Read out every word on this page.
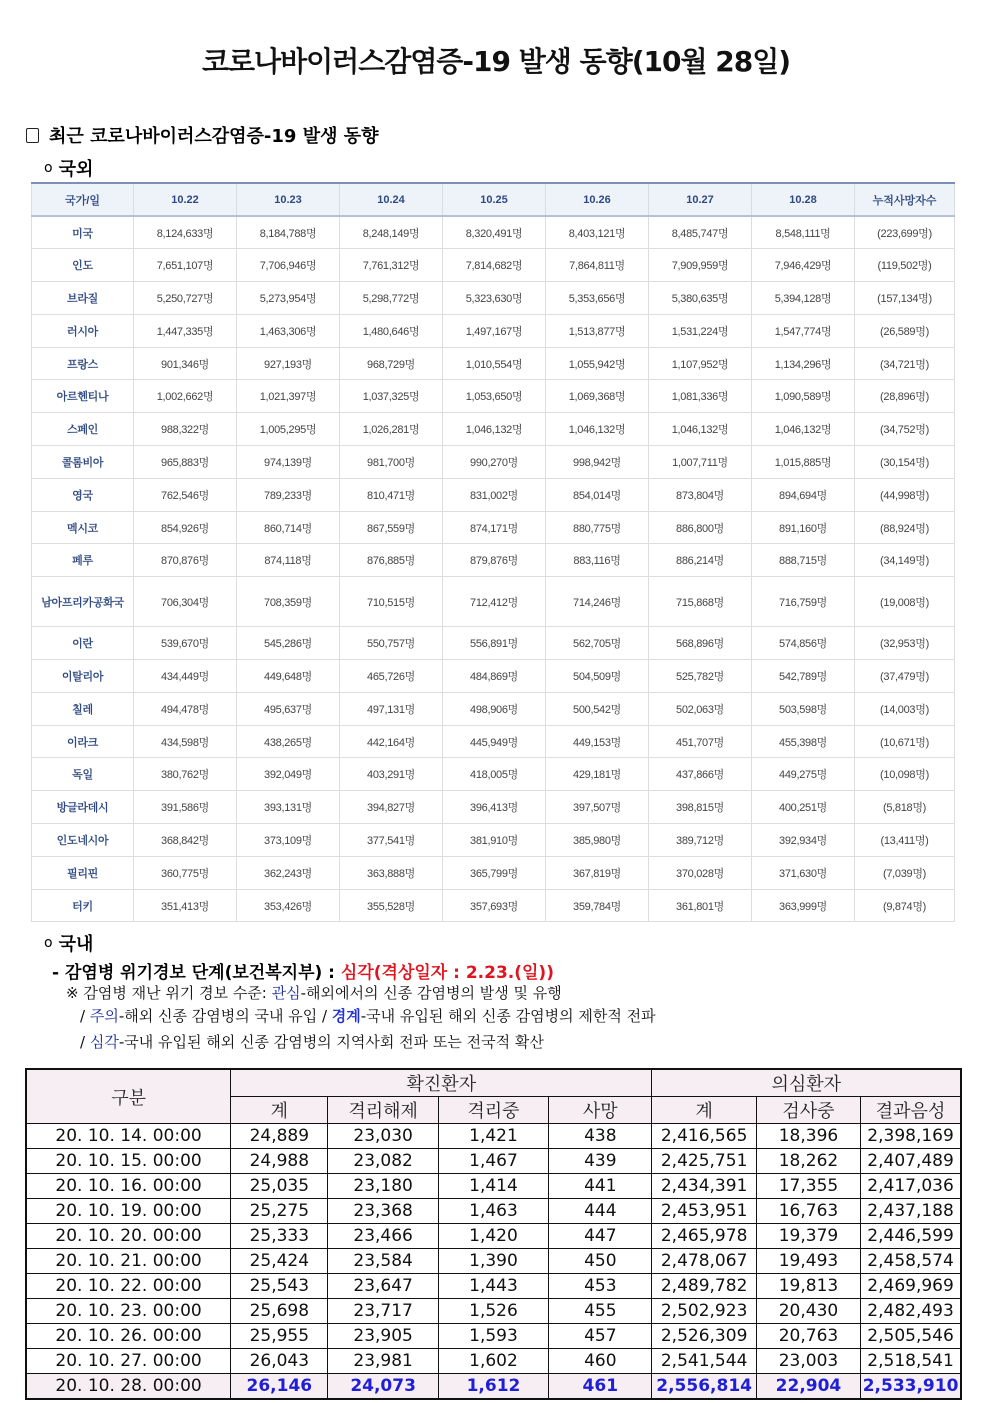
코로나바이러스감염증-19 발생 동향(10월 28일)
최근 코로나바이러스감염증-19 발생 동향
o 국외
국가/일	10.22	10.23	10.24	10.25	10.26	10.27	10.28	누적사망자수
미국	8,124,633명	8,184,788명	8,248,149명	8,320,491명	8,403,121명	8,485,747명	8,548,111명	(223,699명)
인도	7,651,107명	7,706,946명	7,761,312명	7,814,682명	7,864,811명	7,909,959명	7,946,429명	(119,502명)
브라질	5,250,727명	5,273,954명	5,298,772명	5,323,630명	5,353,656명	5,380,635명	5,394,128명	(157,134명)
러시아	1,447,335명	1,463,306명	1,480,646명	1,497,167명	1,513,877명	1,531,224명	1,547,774명	(26,589명)
프랑스	901,346명	927,193명	968,729명	1,010,554명	1,055,942명	1,107,952명	1,134,296명	(34,721명)
아르헨티나	1,002,662명	1,021,397명	1,037,325명	1,053,650명	1,069,368명	1,081,336명	1,090,589명	(28,896명)
스페인	988,322명	1,005,295명	1,026,281명	1,046,132명	1,046,132명	1,046,132명	1,046,132명	(34,752명)
콜롬비아	965,883명	974,139명	981,700명	990,270명	998,942명	1,007,711명	1,015,885명	(30,154명)
영국	762,546명	789,233명	810,471명	831,002명	854,014명	873,804명	894,694명	(44,998명)
멕시코	854,926명	860,714명	867,559명	874,171명	880,775명	886,800명	891,160명	(88,924명)
페루	870,876명	874,118명	876,885명	879,876명	883,116명	886,214명	888,715명	(34,149명)
남아프리카공화국	706,304명	708,359명	710,515명	712,412명	714,246명	715,868명	716,759명	(19,008명)
이란	539,670명	545,286명	550,757명	556,891명	562,705명	568,896명	574,856명	(32,953명)
이탈리아	434,449명	449,648명	465,726명	484,869명	504,509명	525,782명	542,789명	(37,479명)
칠레	494,478명	495,637명	497,131명	498,906명	500,542명	502,063명	503,598명	(14,003명)
이라크	434,598명	438,265명	442,164명	445,949명	449,153명	451,707명	455,398명	(10,671명)
독일	380,762명	392,049명	403,291명	418,005명	429,181명	437,866명	449,275명	(10,098명)
방글라데시	391,586명	393,131명	394,827명	396,413명	397,507명	398,815명	400,251명	(5,818명)
인도네시아	368,842명	373,109명	377,541명	381,910명	385,980명	389,712명	392,934명	(13,411명)
필리핀	360,775명	362,243명	363,888명	365,799명	367,819명	370,028명	371,630명	(7,039명)
터키	351,413명	353,426명	355,528명	357,693명	359,784명	361,801명	363,999명	(9,874명)
o 국내
- 감염병 위기경보 단계(보건복지부) : 심각(격상일자 : 2.23.(일))
※ 감염병 재난 위기 경보 수준: 관심-해외에서의 신종 감염병의 발생 및 유행
/ 주의-해외 신종 감염병의 국내 유입 / 경계-국내 유입된 해외 신종 감염병의 제한적 전파
/ 심각-국내 유입된 해외 신종 감염병의 지역사회 전파 또는 전국적 확산
구분	확진환자				의심환자		
	계	격리해제	격리중	사망	계	검사중	결과음성
20. 10. 14. 00:00	24,889	23,030	1,421	438	2,416,565	18,396	2,398,169
20. 10. 15. 00:00	24,988	23,082	1,467	439	2,425,751	18,262	2,407,489
20. 10. 16. 00:00	25,035	23,180	1,414	441	2,434,391	17,355	2,417,036
20. 10. 19. 00:00	25,275	23,368	1,463	444	2,453,951	16,763	2,437,188
20. 10. 20. 00:00	25,333	23,466	1,420	447	2,465,978	19,379	2,446,599
20. 10. 21. 00:00	25,424	23,584	1,390	450	2,478,067	19,493	2,458,574
20. 10. 22. 00:00	25,543	23,647	1,443	453	2,489,782	19,813	2,469,969
20. 10. 23. 00:00	25,698	23,717	1,526	455	2,502,923	20,430	2,482,493
20. 10. 26. 00:00	25,955	23,905	1,593	457	2,526,309	20,763	2,505,546
20. 10. 27. 00:00	26,043	23,981	1,602	460	2,541,544	23,003	2,518,541
20. 10. 28. 00:00	26,146	24,073	1,612	461	2,556,814	22,904	2,533,910
